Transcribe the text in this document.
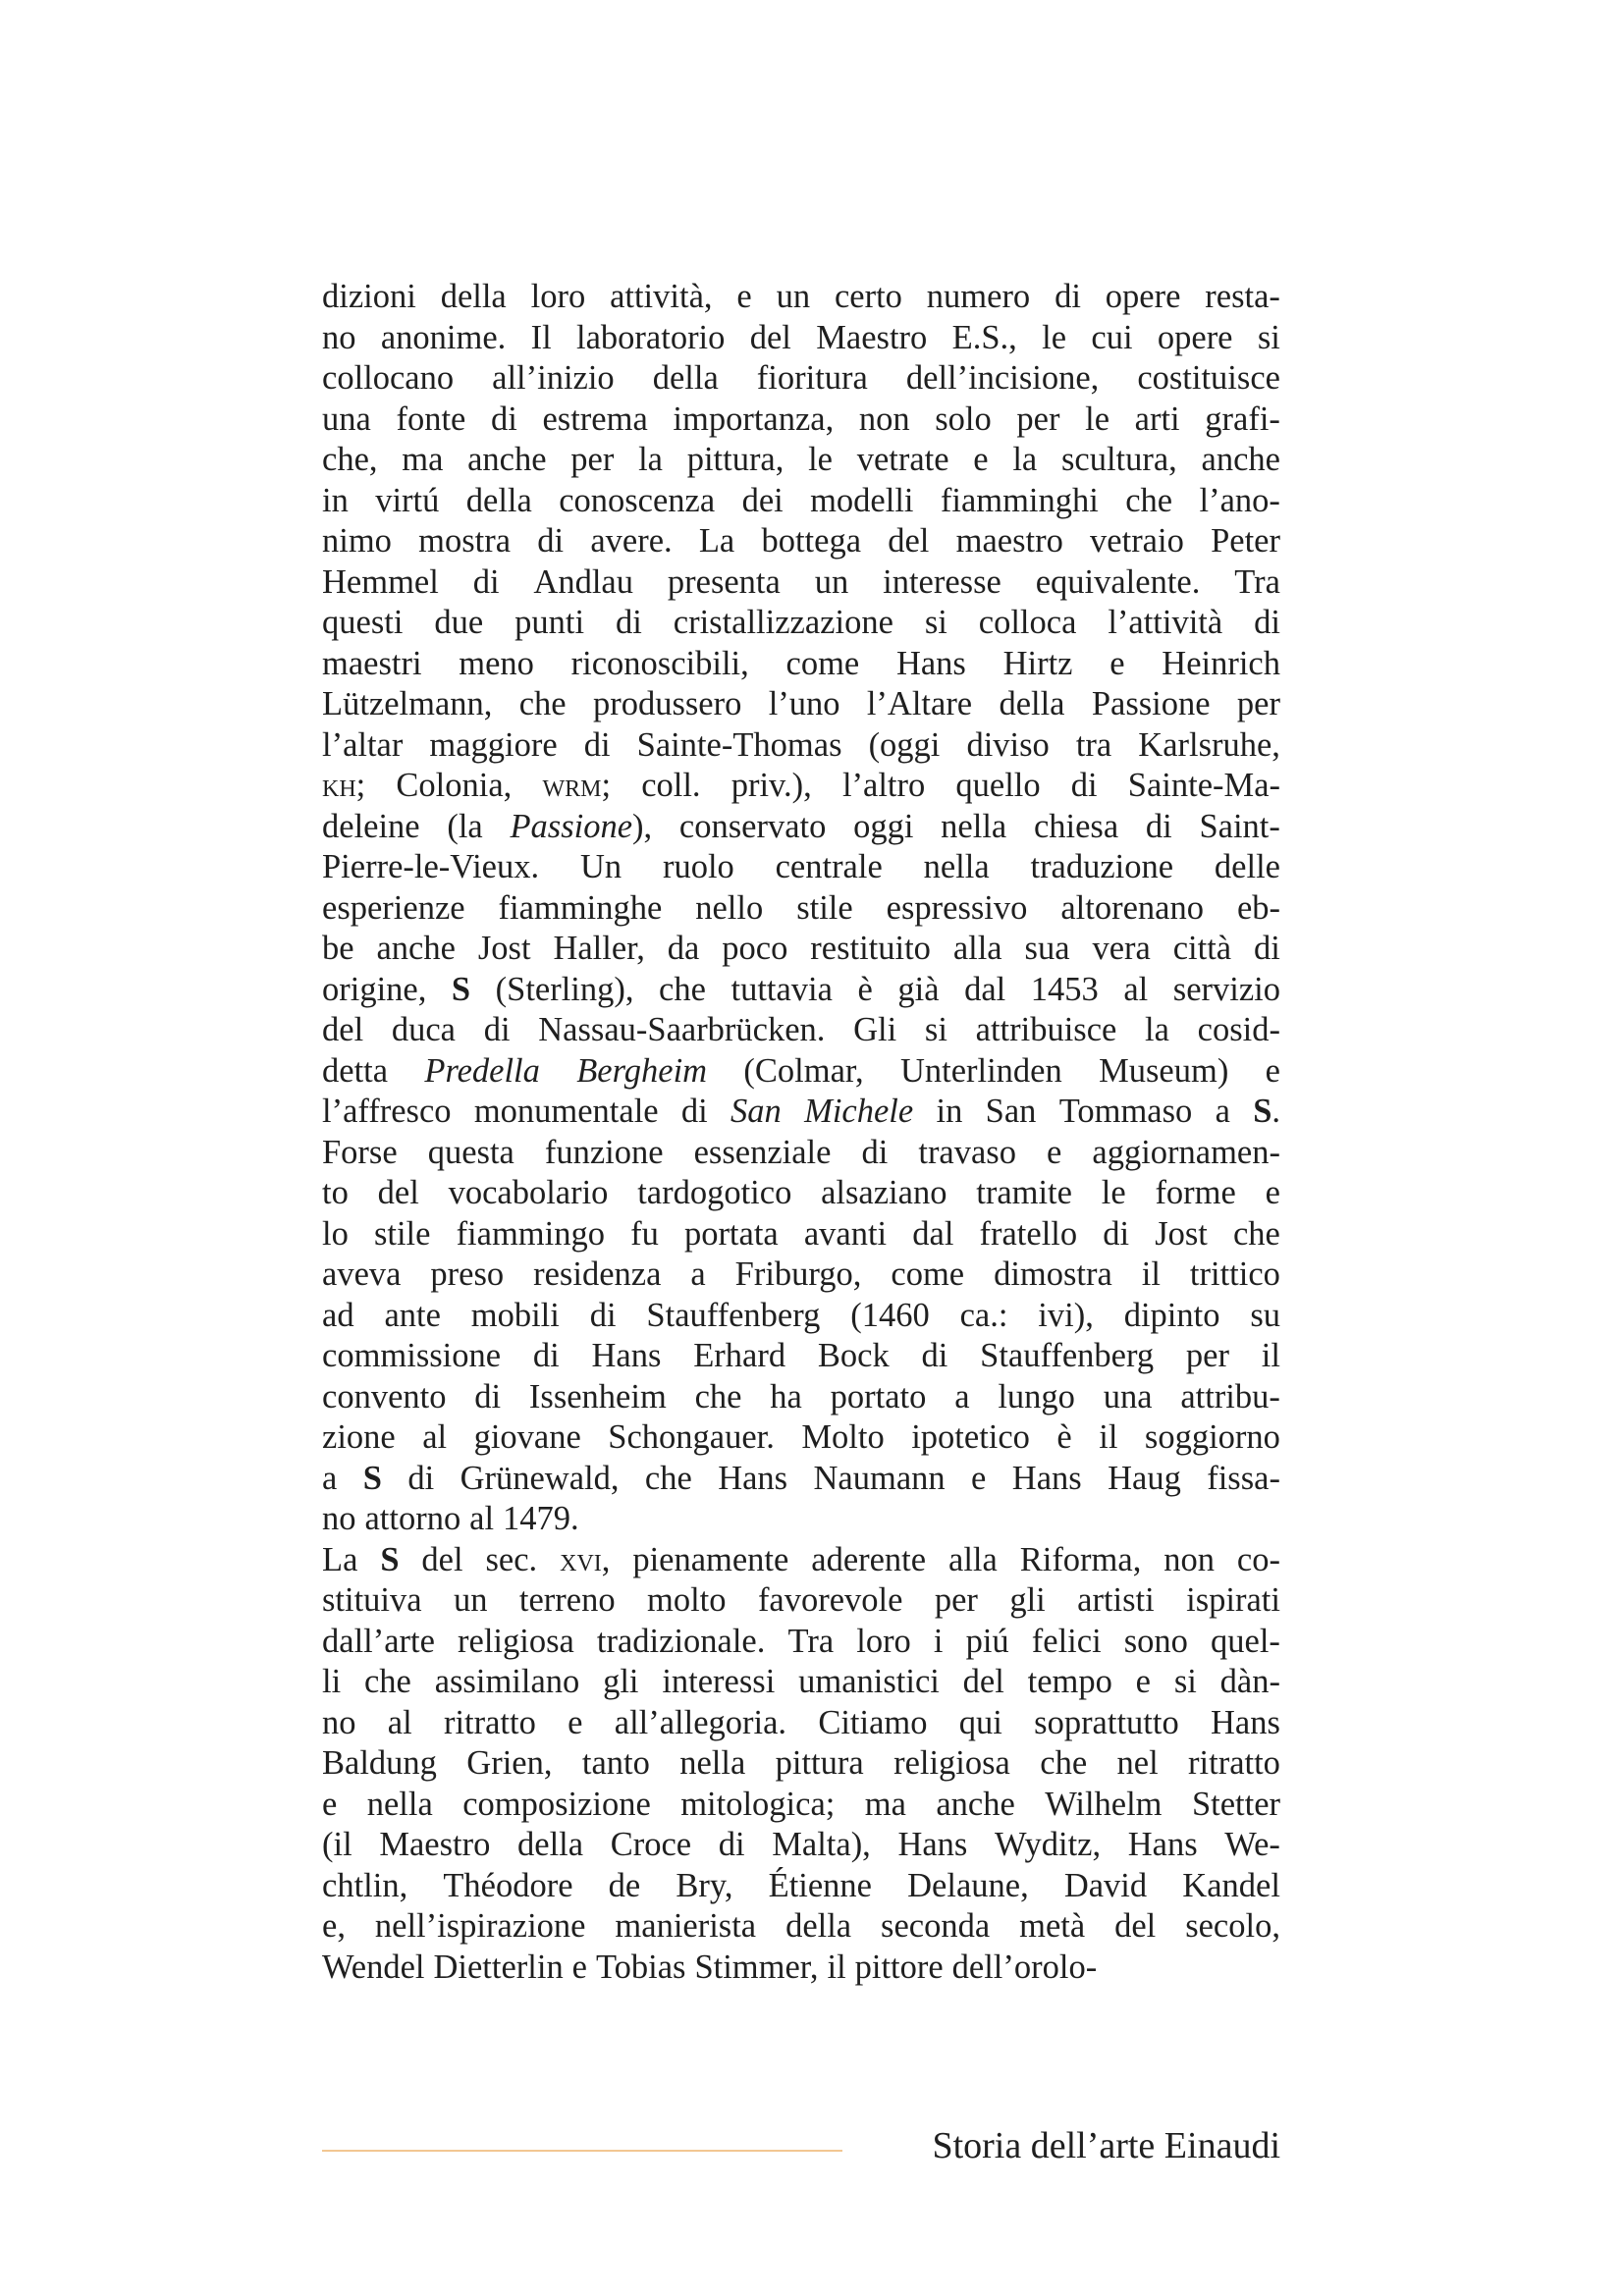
dizioni della loro attività, e un certo numero di opere resta-
no anonime. Il laboratorio del Maestro E.S., le cui opere si
collocano all’inizio della fioritura dell’incisione, costituisce
una fonte di estrema importanza, non solo per le arti grafi-
che, ma anche per la pittura, le vetrate e la scultura, anche
in virtú della conoscenza dei modelli fiamminghi che l’ano-
nimo mostra di avere. La bottega del maestro vetraio Peter
Hemmel di Andlau presenta un interesse equivalente. Tra
questi due punti di cristallizzazione si colloca l’attività di
maestri meno riconoscibili, come Hans Hirtz e Heinrich
Lützelmann, che produssero l’uno l’Altare della Passione per
l’altar maggiore di Sainte-Thomas (oggi diviso tra Karlsruhe,
kh; Colonia, wrm; coll. priv.), l’altro quello di Sainte-Ma-
deleine (la Passione), conservato oggi nella chiesa di Saint-
Pierre-le-Vieux. Un ruolo centrale nella traduzione delle
esperienze fiamminghe nello stile espressivo altorenano eb-
be anche Jost Haller, da poco restituito alla sua vera città di
origine, S (Sterling), che tuttavia è già dal 1453 al servizio
del duca di Nassau-Saarbrücken. Gli si attribuisce la cosid-
detta Predella Bergheim (Colmar, Unterlinden Museum) e
l’affresco monumentale di San Michele in San Tommaso a S.
Forse questa funzione essenziale di travaso e aggiornamen-
to del vocabolario tardogotico alsaziano tramite le forme e
lo stile fiammingo fu portata avanti dal fratello di Jost che
aveva preso residenza a Friburgo, come dimostra il trittico
ad ante mobili di Stauffenberg (1460 ca.: ivi), dipinto su
commissione di Hans Erhard Bock di Stauffenberg per il
convento di Issenheim che ha portato a lungo una attribu-
zione al giovane Schongauer. Molto ipotetico è il soggiorno
a S di Grünewald, che Hans Naumann e Hans Haug fissa-
no attorno al 1479.
La S del sec. xvi, pienamente aderente alla Riforma, non co-
stituiva un terreno molto favorevole per gli artisti ispirati
dall’arte religiosa tradizionale. Tra loro i piú felici sono quel-
li che assimilano gli interessi umanistici del tempo e si dàn-
no al ritratto e all’allegoria. Citiamo qui soprattutto Hans
Baldung Grien, tanto nella pittura religiosa che nel ritratto
e nella composizione mitologica; ma anche Wilhelm Stetter
(il Maestro della Croce di Malta), Hans Wyditz, Hans We-
chtlin, Théodore de Bry, Étienne Delaune, David Kandel
e, nell’ispirazione manierista della seconda metà del secolo,
Wendel Dietterlin e Tobias Stimmer, il pittore dell’orolo-
Storia dell’arte Einaudi
